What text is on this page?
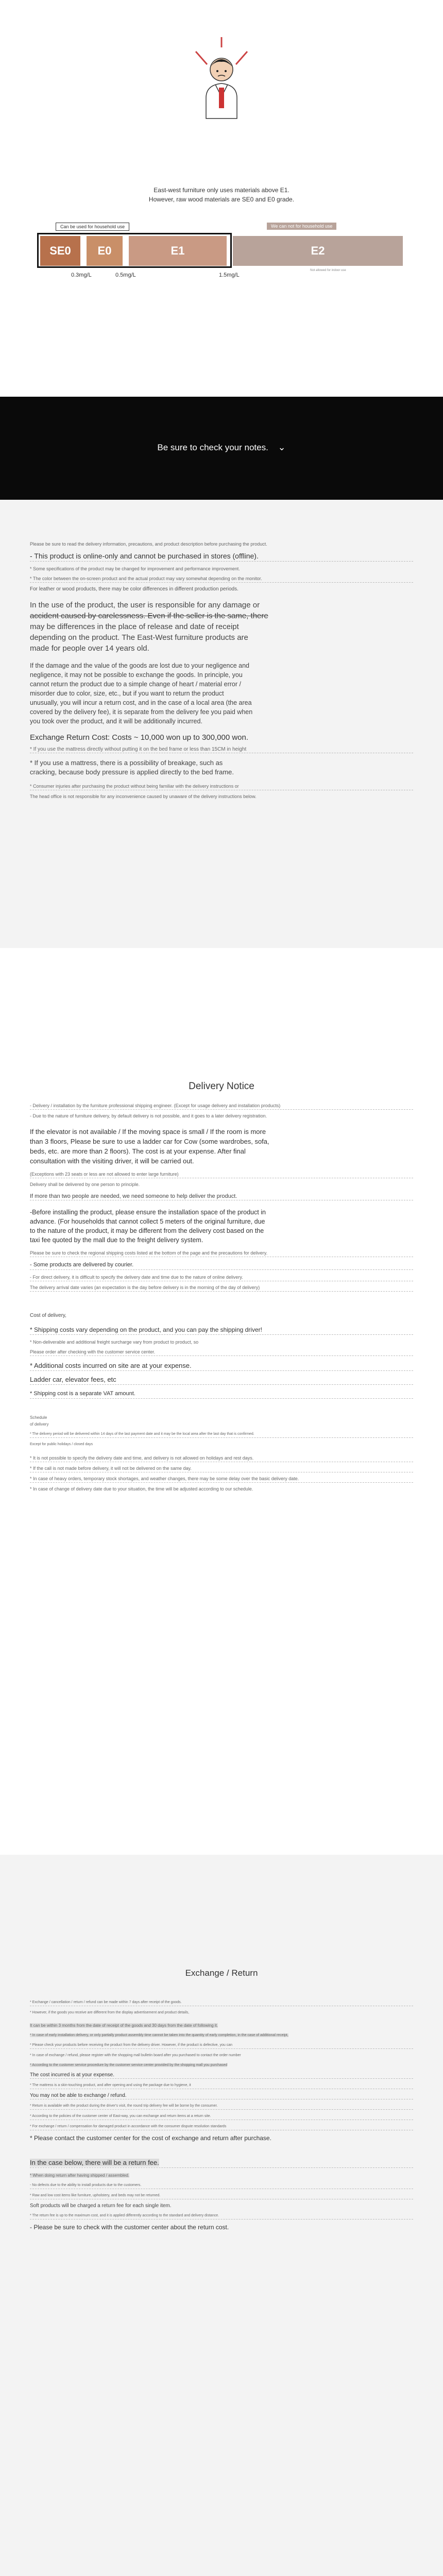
East-west furniture only uses materials above E1.
However, raw wood materials are SE0 and E0 grade.
Can be used for household use	We can not for household use
SE0	E0	E1	E2
0.3mg/L	0.5mg/L	1.5mg/L
Not allowed for indoor use
Be sure to check your notes. ⌄
Please be sure to read the delivery information, precautions, and product description before purchasing the product.
- This product is online-only and cannot be purchased in stores (offline).
* Some specifications of the product may be changed for improvement and performance improvement.
* The color between the on-screen product and the actual product may vary somewhat depending on the monitor.
For leather or wood products, there may be color differences in different production periods.
In the use of the product, the user is responsible for any damage or
accident caused by carelessness. Even if the seller is the same, there
may be differences in the place of release and date of receipt
depending on the product. The East-West furniture products are
made for people over 14 years old.
If the damage and the value of the goods are lost due to your negligence and
negligence, it may not be possible to exchange the goods. In principle, you
cannot return the product due to a simple change of heart / material error /
misorder due to color, size, etc., but if you want to return the product
unusually, you will incur a return cost, and in the case of a local area (the area
covered by the delivery fee), it is separate from the delivery fee you paid when
you took over the product, and it will be additionally incurred.
Exchange Return Cost: Costs ~ 10,000 won up to 300,000 won.
* If you use the mattress directly without putting it on the bed frame or less than 15CM in height
* If you use a mattress, there is a possibility of breakage, such as
cracking, because body pressure is applied directly to the bed frame.
* Consumer injuries after purchasing the product without being familiar with the delivery instructions or
The head office is not responsible for any inconvenience caused by unaware of the delivery instructions below.
Delivery Notice
- Delivery / installation by the furniture professional shipping engineer. (Except for usage delivery and installation products)
- Due to the nature of furniture delivery, by default delivery is not possible, and it goes to a later delivery registration.
If the elevator is not available / If the moving space is small / If the room is more
than 3 floors, Please be sure to use a ladder car for Cow (some wardrobes, sofa,
beds, etc. are more than 2 floors). The cost is at your expense. After final
consultation with the visiting driver, it will be carried out.
(Exceptions with 23 seats or less are not allowed to enter large furniture)
Delivery shall be delivered by one person to principle.
If more than two people are needed, we need someone to help deliver the product.
-Before installing the product, please ensure the installation space of the product in
advance. (For households that cannot collect 5 meters of the original furniture, due
to the nature of the product, it may be different from the delivery cost based on the
taxi fee quoted by the mall due to the freight delivery system.
Please be sure to check the regional shipping costs listed at the bottom of the page and the precautions for delivery.
- Some products are delivered by courier.
- For direct delivery, it is difficult to specify the delivery date and time due to the nature of online delivery.
The delivery arrival date varies (an expectation is the day before delivery is in the morning of the day of delivery)
Cost of delivery,
* Shipping costs vary depending on the product, and you can pay the shipping driver!
* Non-deliverable and additional freight surcharge vary from product to product, so
Please order after checking with the customer service center.
* Additional costs incurred on site are at your expense.
Ladder car, elevator fees, etc
* Shipping cost is a separate VAT amount.
Schedule of delivery
* The delivery period will be delivered within 14 days of the last payment date and it may be the local area after the last day that is confirmed.
Except for public holidays / closed days
* It is not possible to specify the delivery date and time, and delivery is not allowed on holidays and rest days.
* If the call is not made before delivery, it will not be delivered on the same day.
* In case of heavy orders, temporary stock shortages, and weather changes, there may be some delay over the basic delivery date.
* In case of change of delivery date due to your situation, the time will be adjusted according to our schedule.
Exchange / Return
* Exchange / cancellation / return / refund can be made within 7 days after receipt of the goods.
* However, if the goods you receive are different from the display advertisement and product details,
It can be within 3 months from the date of receipt of the goods and 30 days from the date of following it.
* In case of early installation delivery, or only partially product assembly time cannot be taken into the quantity of early completion, in the case of additional receipt,
* Please check your products before receiving the product from the delivery driver. However, if the product is defective, you can
* In case of exchange / refund, please register with the shopping mall bulletin board after you purchased to contact the order number
* According to the customer service procedure by the customer service center provided by the shopping mall you purchased
The cost incurred is at your expense.
* The mattress is a skin-touching product, and after opening and using the package due to hygiene, it
You may not be able to exchange / refund.
* Return is available with the product during the driver's visit, the round trip delivery fee will be borne by the consumer.
* According to the policies of the customer center of East-way, you can exchange and return items at a return site.
* For exchange / return / compensation for damaged product in accordance with the consumer dispute resolution standards
* Please contact the customer center for the cost of exchange and return after purchase.
In the case below, there will be a return fee.
* When doing return after having shipped / assembled.
- No defects due to the ability to install products due to the customers.
* Raw and low cost items like furniture, upholstery, and beds may not be returned.
Soft products will be charged a return fee for each single item.
* The return fee is up to the maximum cost, and it is applied differently according to the standard and delivery distance.
- Please be sure to check with the customer center about the return cost.
